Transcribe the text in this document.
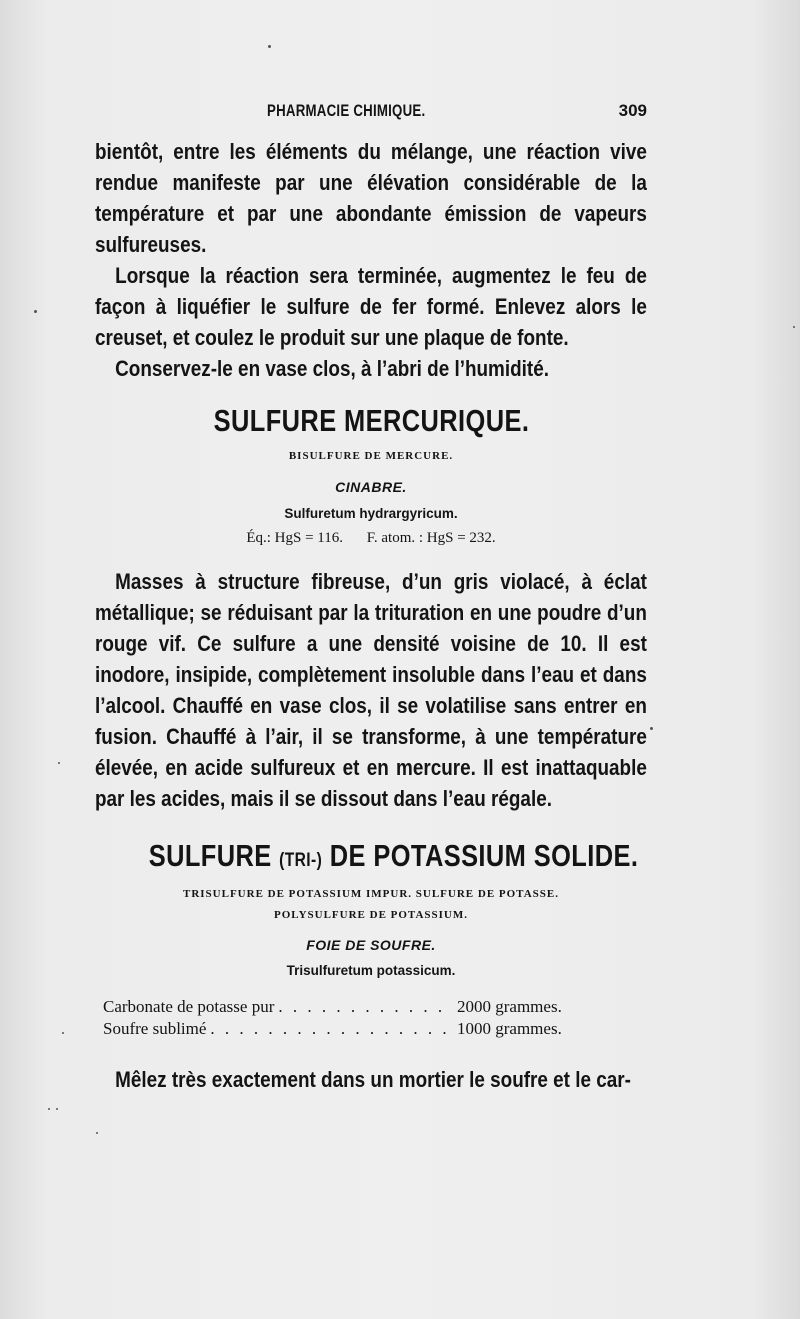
PHARMACIE CHIMIQUE.	309

bientôt, entre les éléments du mélange, une réaction vive rendue manifeste par une élévation considérable de la température et par une abondante émission de vapeurs sulfureuses.

Lorsque la réaction sera terminée, augmentez le feu de façon à liquéfier le sulfure de fer formé. Enlevez alors le creuset, et coulez le produit sur une plaque de fonte.

Conservez-le en vase clos, à l’abri de l’humidité.

SULFURE MERCURIQUE.
BISULFURE DE MERCURE.
CINABRE.
Sulfuretum hydrargyricum.
Éq.: HgS = 116. F. atom. : HgS = 232.

Masses à structure fibreuse, d’un gris violacé, à éclat métallique; se réduisant par la trituration en une poudre d’un rouge vif. Ce sulfure a une densité voisine de 10. Il est inodore, insipide, complètement insoluble dans l’eau et dans l’alcool. Chauffé en vase clos, il se volatilise sans entrer en fusion. Chauffé à l’air, il se transforme, à une température élevée, en acide sulfureux et en mercure. Il est inattaquable par les acides, mais il se dissout dans l’eau régale.

SULFURE (TRI-) DE POTASSIUM SOLIDE.
TRISULFURE DE POTASSIUM IMPUR. SULFURE DE POTASSE.
POLYSULFURE DE POTASSIUM.
FOIE DE SOUFRE.
Trisulfuretum potassicum.
Carbonate de potasse pur . . .	2000 grammes.
Soufre sublimé . . .	1000 grammes.

Mêlez très exactement dans un mortier le soufre et le car-
